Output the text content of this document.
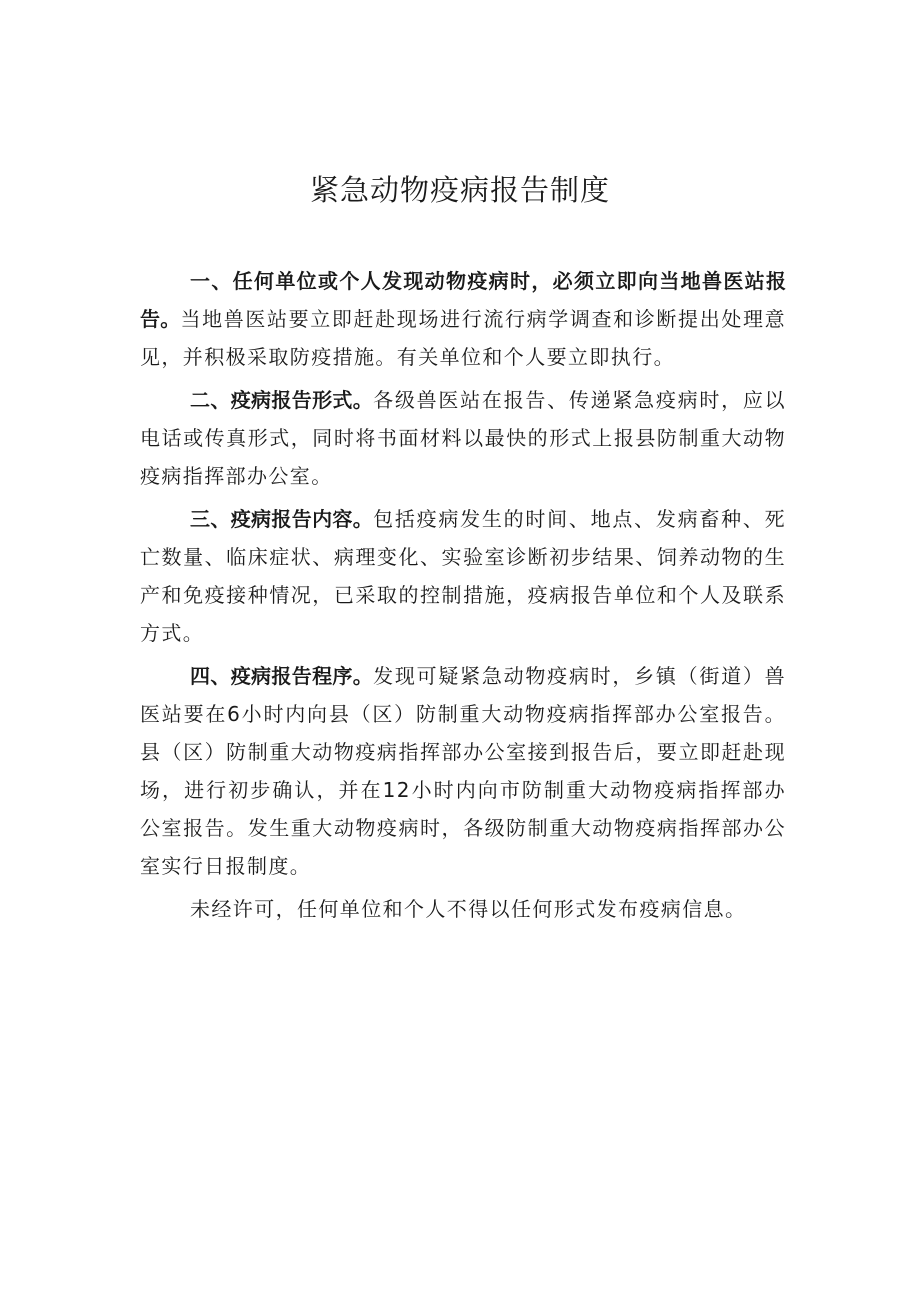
紧急动物疫病报告制度

一、任何单位或个人发现动物疫病时，必须立即向当地兽医站报告。当地兽医站要立即赶赴现场进行流行病学调查和诊断提出处理意见，并积极采取防疫措施。有关单位和个人要立即执行。

二、疫病报告形式。各级兽医站在报告、传递紧急疫病时，应以电话或传真形式，同时将书面材料以最快的形式上报县防制重大动物疫病指挥部办公室。

三、疫病报告内容。包括疫病发生的时间、地点、发病畜种、死亡数量、临床症状、病理变化、实验室诊断初步结果、饲养动物的生产和免疫接种情况，已采取的控制措施，疫病报告单位和个人及联系方式。

四、疫病报告程序。发现可疑紧急动物疫病时，乡镇（街道）兽医站要在6小时内向县（区）防制重大动物疫病指挥部办公室报告。县（区）防制重大动物疫病指挥部办公室接到报告后，要立即赶赴现场，进行初步确认，并在12小时内向市防制重大动物疫病指挥部办公室报告。发生重大动物疫病时，各级防制重大动物疫病指挥部办公室实行日报制度。

未经许可，任何单位和个人不得以任何形式发布疫病信息。
